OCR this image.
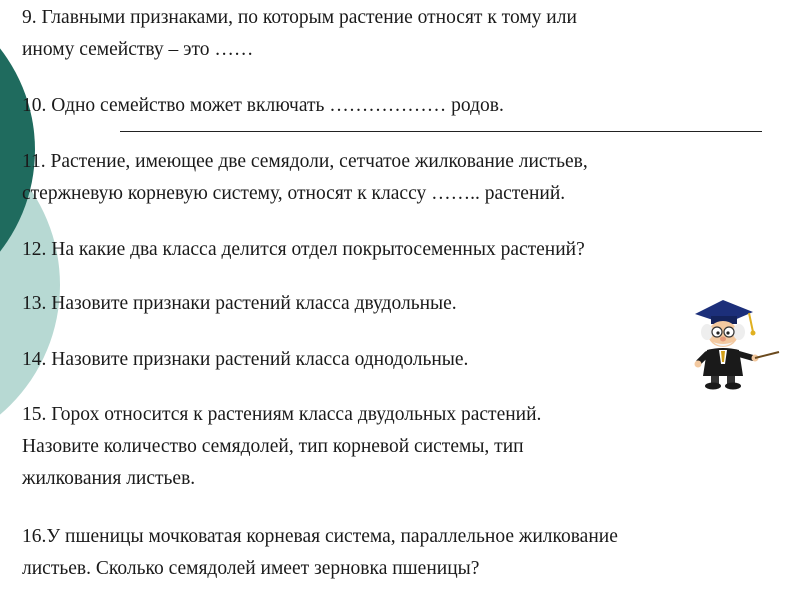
9. Главными признаками, по которым растение относят к тому или
иному семейству – это ……
10. Одно семейство может включать ……………… родов.
11. Растение, имеющее две семядоли, сетчатое жилкование листьев,
стержневую корневую систему, относят к классу …….. растений.
12. На какие два класса делится отдел покрытосеменных растений?
13. Назовите признаки растений класса двудольные.
14. Назовите признаки растений класса однодольные.
15. Горох относится к растениям класса двудольных растений.
Назовите количество семядолей, тип корневой системы, тип
жилкования листьев.
16.У пшеницы мочковатая корневая система, параллельное жилкование
листьев. Сколько семядолей имеет зерновка пшеницы?
